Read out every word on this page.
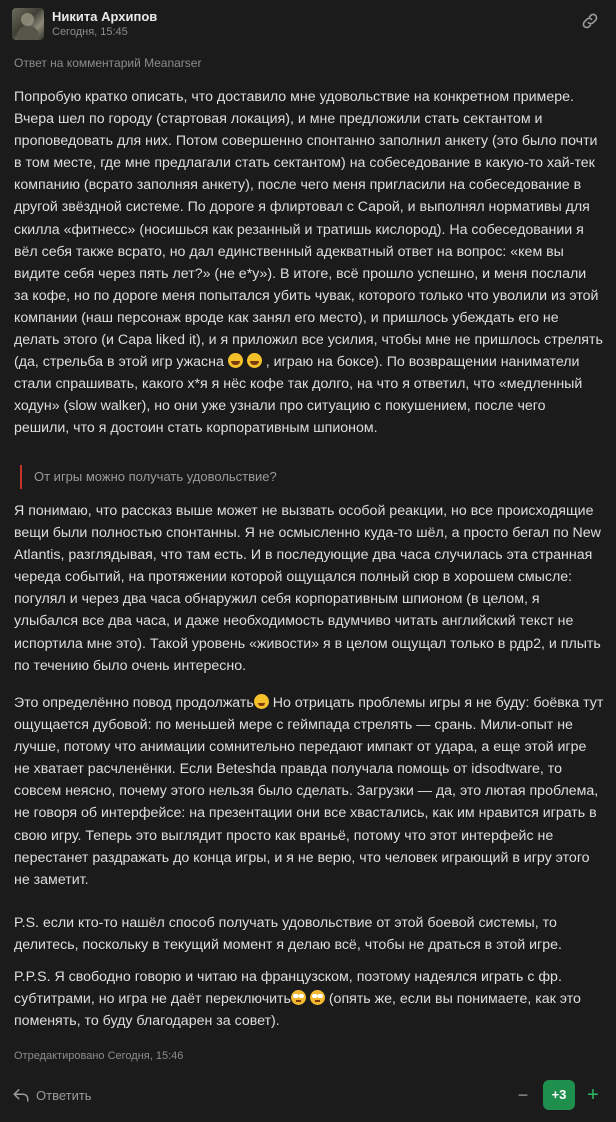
Никита Архипов
Сегодня, 15:45
Ответ на комментарий Meanarser

Попробую кратко описать, что доставило мне удовольствие на конкретном примере. Вчера шел по городу (стартовая локация), и мне предложили стать сектантом и проповедовать для них. Потом совершенно спонтанно заполнил анкету (это было почти в том месте, где мне предлагали стать сектантом) на собеседование в какую-то хай-тек компанию (всрато заполняя анкету), после чего меня пригласили на собеседование в другой звёздной системе. По дороге я флиртовал с Сарой, и выполнял нормативы для скилла «фитнесс» (носишься как резанный и тратишь кислород). На собеседовании я вёл себя также всрато, но дал единственный адекватный ответ на вопрос: «кем вы видите себя через пять лет?» (не е*у»). В итоге, всё прошло успешно, и меня послали за кофе, но по дороге меня попытался убить чувак, которого только что уволили из этой компании (наш персонаж вроде как занял его место), и пришлось убеждать его не делать этого (и Сара liked it), и я приложил все усилия, чтобы мне не пришлось стрелять (да, стрельба в этой игр ужасна	, играю на боксе). По возвращении наниматели стали спрашивать, какого х*я я нёс кофе так долго, на что я ответил, что «медленный ходун» (slow walker), но они уже узнали про ситуацию с покушением, после чего решили, что я достоин стать корпоративным шпионом.

От игры можно получать удовольствие?

Я понимаю, что рассказ выше может не вызвать особой реакции, но все происходящие вещи были полностью спонтанны. Я не осмысленно куда-то шёл, а просто бегал по New Atlantis, разглядывая, что там есть. И в последующие два часа случилась эта странная череда событий, на протяжении которой ощущался полный сюр в хорошем смысле: погулял и через два часа обнаружил себя корпоративным шпионом (в целом, я улыбался все два часа, и даже необходимость вдумчиво читать английский текст не испортила мне это). Такой уровень «живости» я в целом ощущал только в рдр2, и плыть по течению было очень интересно.

Это определённо повод продолжать Но отрицать проблемы игры я не буду: боёвка тут ощущается дубовой: по меньшей мере с геймпада стрелять — срань. Мили-опыт не лучше, потому что анимации сомнительно передают импакт от удара, а еще этой игре не хватает расчленёнки. Если Beteshda правда получала помощь от idsodtware, то совсем неясно, почему этого нельзя было сделать. Загрузки — да, это лютая проблема, не говоря об интерфейсе: на презентации они все хвастались, как им нравится играть в свою игру. Теперь это выглядит просто как враньё, потому что этот интерфейс не перестанет раздражать до конца игры, и я не верю, что человек играющий в игру этого не заметит.

P.S. если кто-то нашёл способ получать удовольствие от этой боевой системы, то делитесь, поскольку в текущий момент я делаю всё, чтобы не драться в этой игре.

P.P.S. Я свободно говорю и читаю на французском, поэтому надеялся играть с фр. субтитрами, но игра не даёт переключить  (опять же, если вы понимаете, как это поменять, то буду благодарен за совет).

Отредактировано Сегодня, 15:46
Ответить	−	+3	+
